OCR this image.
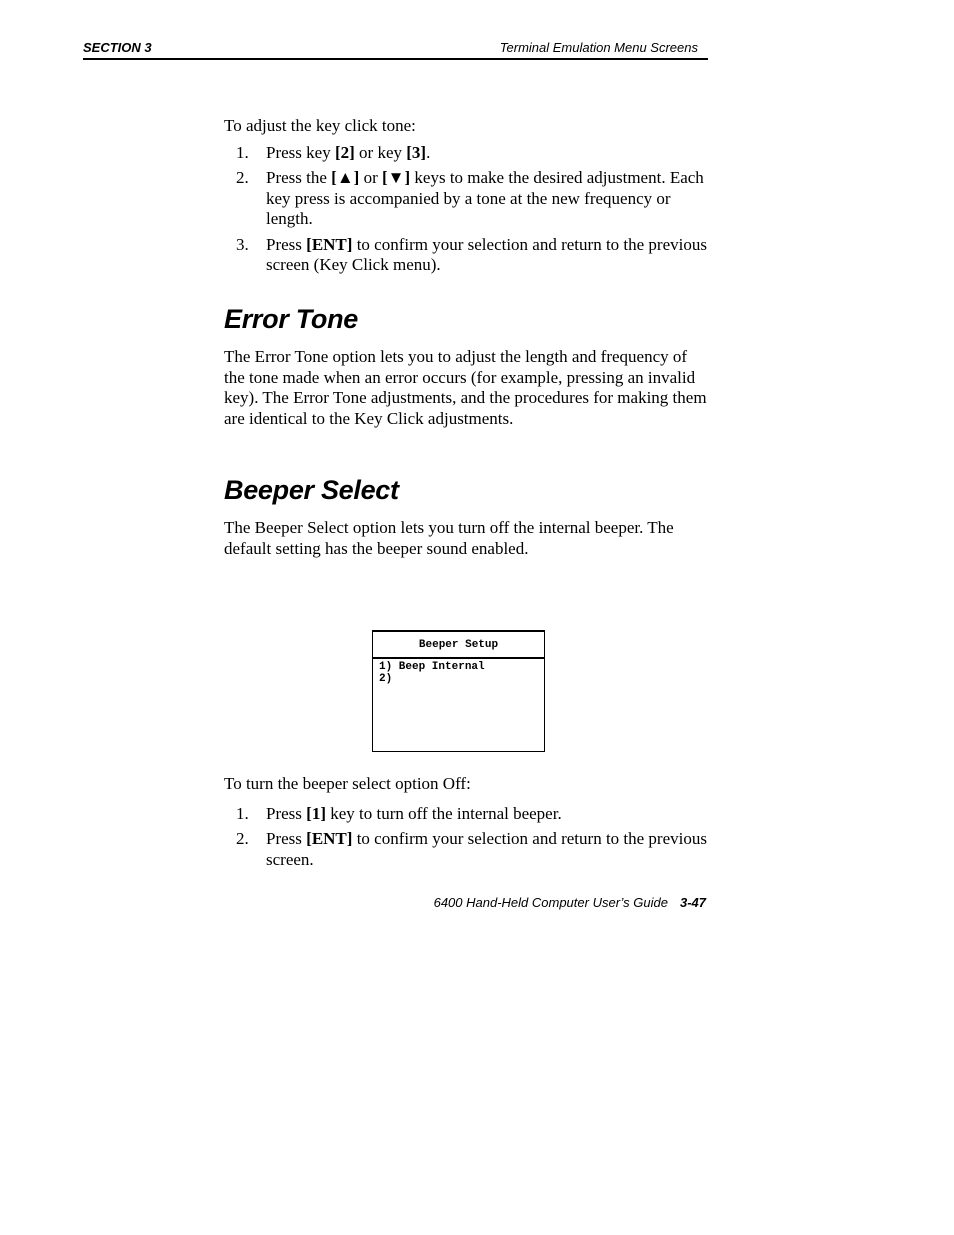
SECTION 3	Terminal Emulation Menu Screens

To adjust the key click tone:

1. Press key [2] or key [3].
2. Press the [▲] or [▼] keys to make the desired adjustment. Each key press is accompanied by a tone at the new frequency or length.
3. Press [ENT] to confirm your selection and return to the previous screen (Key Click menu).
Error Tone

The Error Tone option lets you to adjust the length and frequency of the tone made when an error occurs (for example, pressing an invalid key). The Error Tone adjustments, and the procedures for making them are identical to the Key Click adjustments.

Beeper Select

The Beeper Select option lets you turn off the internal beeper. The default setting has the beeper sound enabled.

Beeper Setup
1) Beep Internal
2)

To turn the beeper select option Off:

1. Press [1] key to turn off the internal beeper.
2. Press [ENT] to confirm your selection and return to the previous screen.
6400 Hand-Held Computer User’s Guide 3-47
